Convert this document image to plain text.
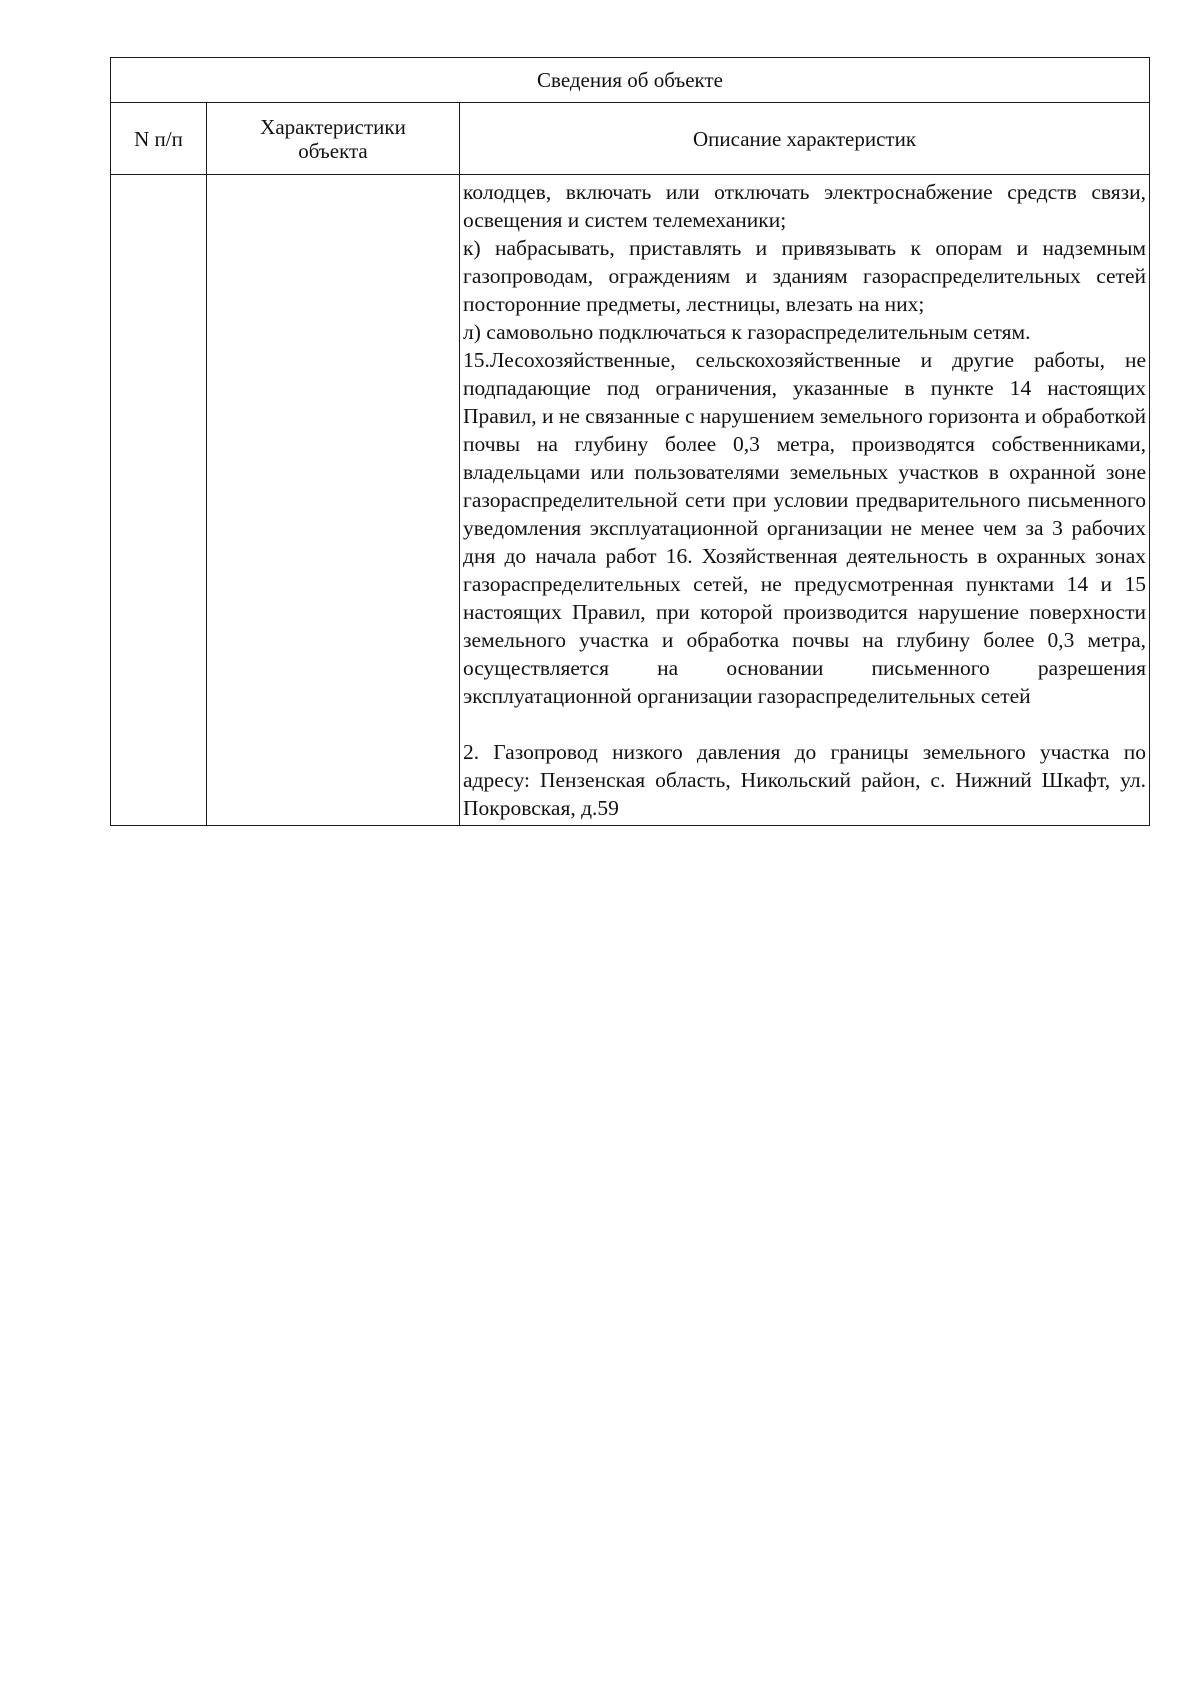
Сведения об объекте		
N п/п	Характеристики объекта	Описание характеристик

		колодцев, включать или отключать электроснабжение средств связи, освещения и систем телемеханики;

к) набрасывать, приставлять и привязывать к опорам и надземным газопроводам, ограждениям и зданиям газораспределительных сетей посторонние предметы, лестницы, влезать на них;

л) самовольно подключаться к газораспределительным сетям.

15.Лесохозяйственные, сельскохозяйственные и другие работы, не подпадающие под ограничения, указанные в пункте 14 настоящих Правил, и не связанные с нарушением земельного горизонта и обработкой почвы на глубину более 0,3 метра, производятся собственниками, владельцами или пользователями земельных участков в охранной зоне газораспределительной сети при условии предварительного письменного уведомления эксплуатационной организации не менее чем за 3 рабочих дня до начала работ 16. Хозяйственная деятельность в охранных зонах газораспределительных сетей, не предусмотренная пунктами 14 и 15 настоящих Правил, при которой производится нарушение поверхности земельного участка и обработка почвы на глубину более 0,3 метра, осуществляется на основании письменного разрешения эксплуатационной организации газораспределительных сетей

2. Газопровод низкого давления до границы земельного участка по адресу: Пензенская область, Никольский район, с. Нижний Шкафт, ул. Покровская, д.59
